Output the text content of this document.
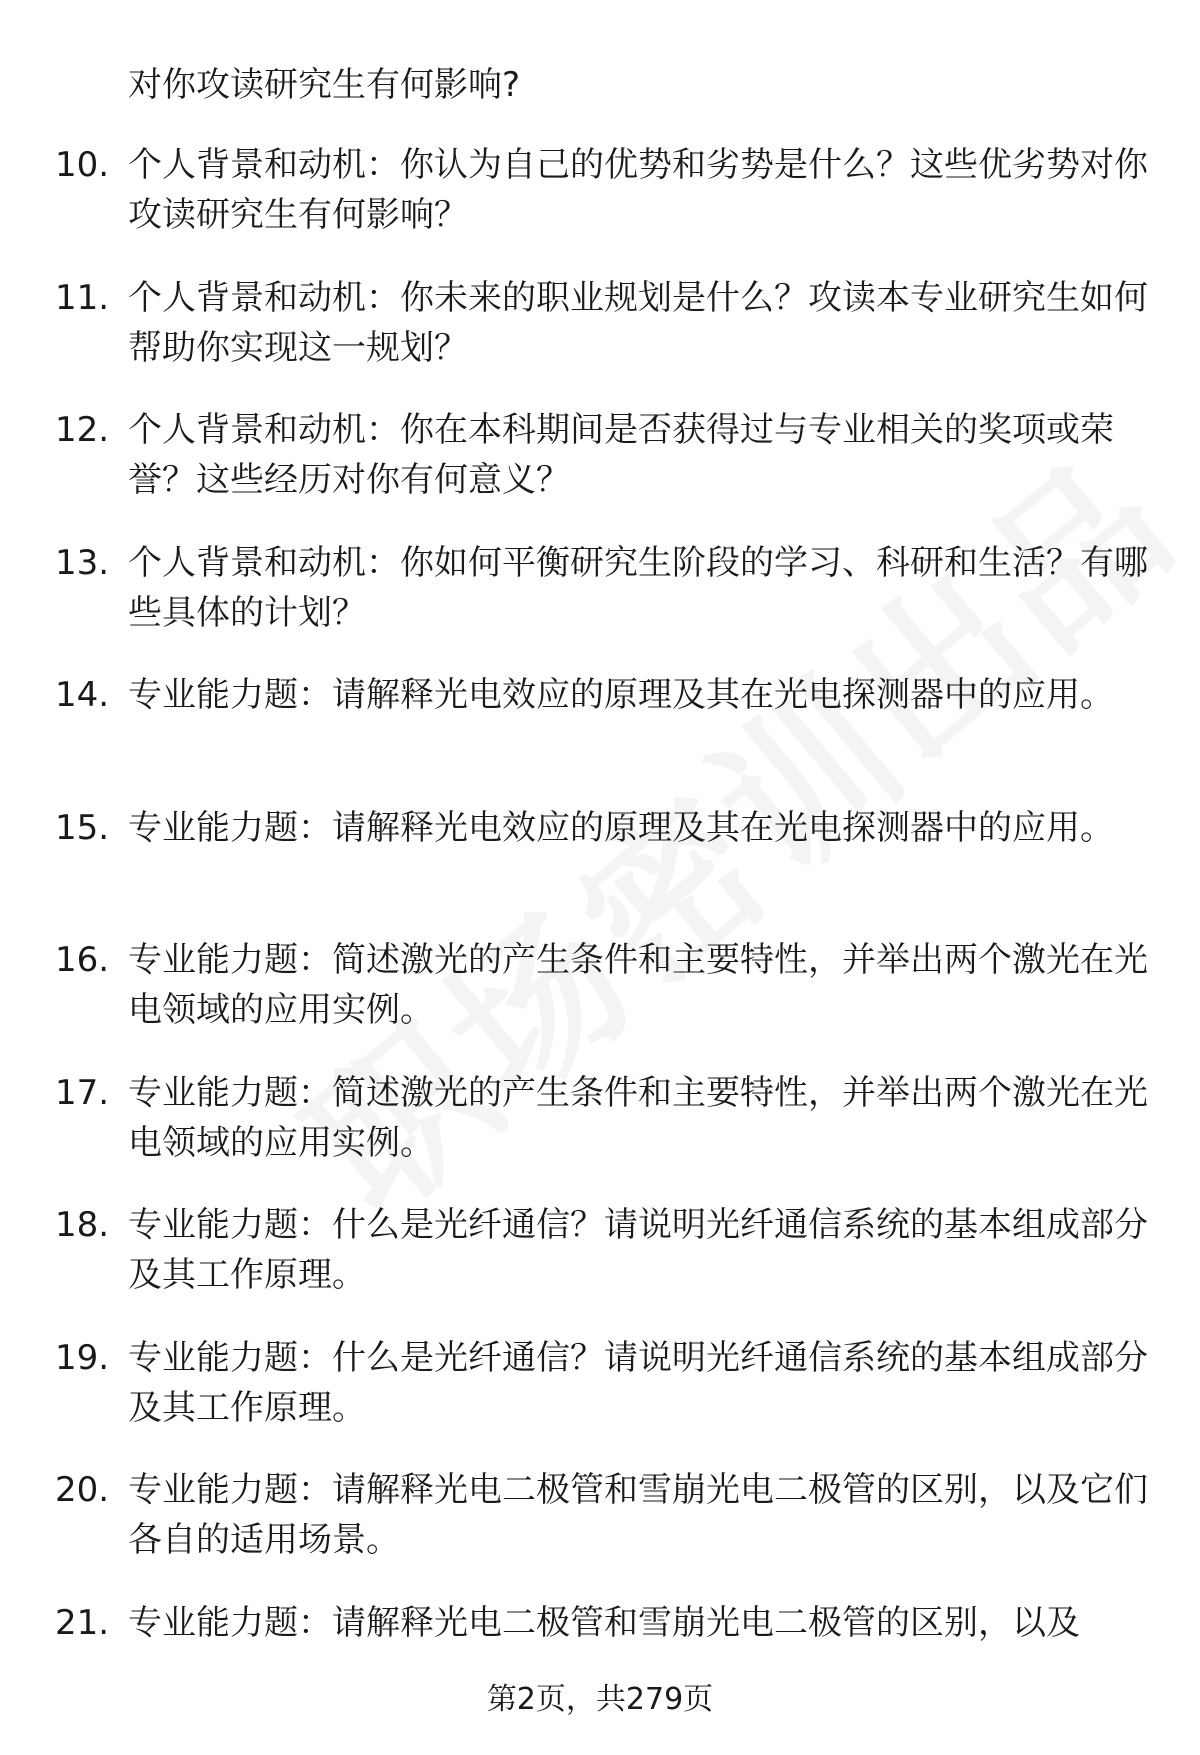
对你攻读研究生有何影响?
10. 个人背景和动机：你认为自己的优势和劣势是什么？这些优劣势对你攻读研究生有何影响？
11. 个人背景和动机：你未来的职业规划是什么？攻读本专业研究生如何帮助你实现这一规划？
12. 个人背景和动机：你在本科期间是否获得过与专业相关的奖项或荣誉？这些经历对你有何意义？
13. 个人背景和动机：你如何平衡研究生阶段的学习、科研和生活？有哪些具体的计划？
14. 专业能力题：请解释光电效应的原理及其在光电探测器中的应用。
15. 专业能力题：请解释光电效应的原理及其在光电探测器中的应用。
16. 专业能力题：简述激光的产生条件和主要特性，并举出两个激光在光电领域的应用实例。
17. 专业能力题：简述激光的产生条件和主要特性，并举出两个激光在光电领域的应用实例。
18. 专业能力题：什么是光纤通信？请说明光纤通信系统的基本组成部分及其工作原理。
19. 专业能力题：什么是光纤通信？请说明光纤通信系统的基本组成部分及其工作原理。
20. 专业能力题：请解释光电二极管和雪崩光电二极管的区别，以及它们各自的适用场景。
21. 专业能力题：请解释光电二极管和雪崩光电二极管的区别，以及
第2页，共279页
